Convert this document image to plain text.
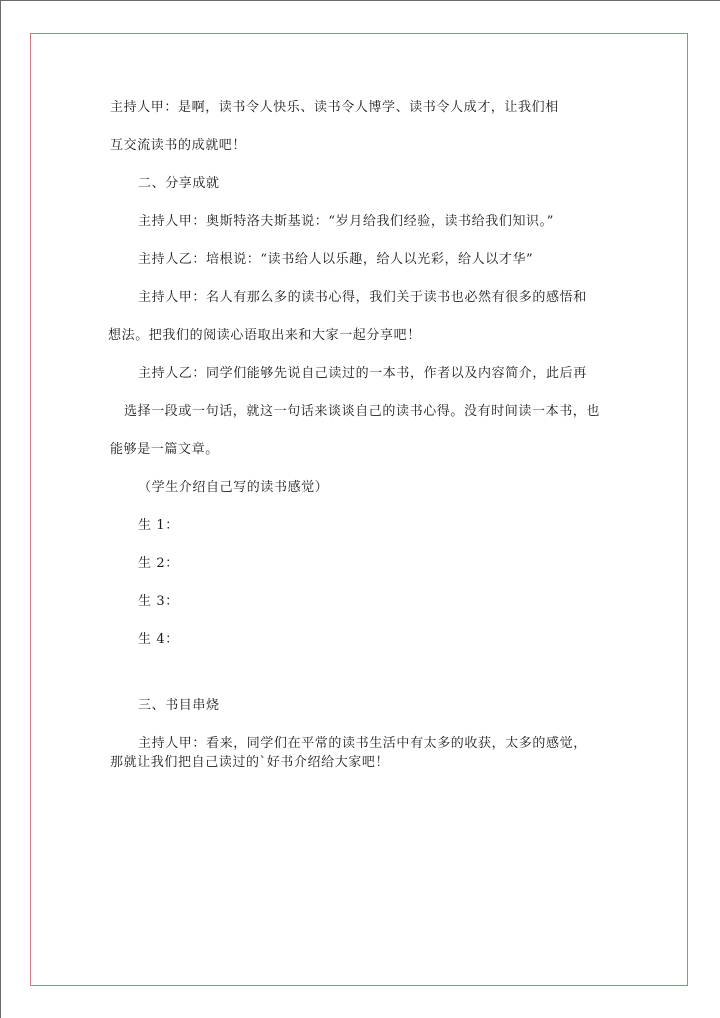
主持人甲：是啊，读书令人快乐、读书令人博学、读书令人成才，让我们相
互交流读书的成就吧！
二、分享成就
主持人甲：奥斯特洛夫斯基说：“岁月给我们经验，读书给我们知识。”
主持人乙：培根说：“读书给人以乐趣，给人以光彩，给人以才华”
主持人甲：名人有那么多的读书心得，我们关于读书也必然有很多的感悟和
想法。把我们的阅读心语取出来和大家一起分享吧！
主持人乙：同学们能够先说自己读过的一本书，作者以及内容简介，此后再
选择一段或一句话，就这一句话来谈谈自己的读书心得。没有时间读一本书，也
能够是一篇文章。
（学生介绍自己写的读书感觉）
生 1：
生 2：
生 3：
生 4：
三、书目串烧
主持人甲：看来，同学们在平常的读书生活中有太多的收获，太多的感觉，
那就让我们把自己读过的`好书介绍给大家吧！
